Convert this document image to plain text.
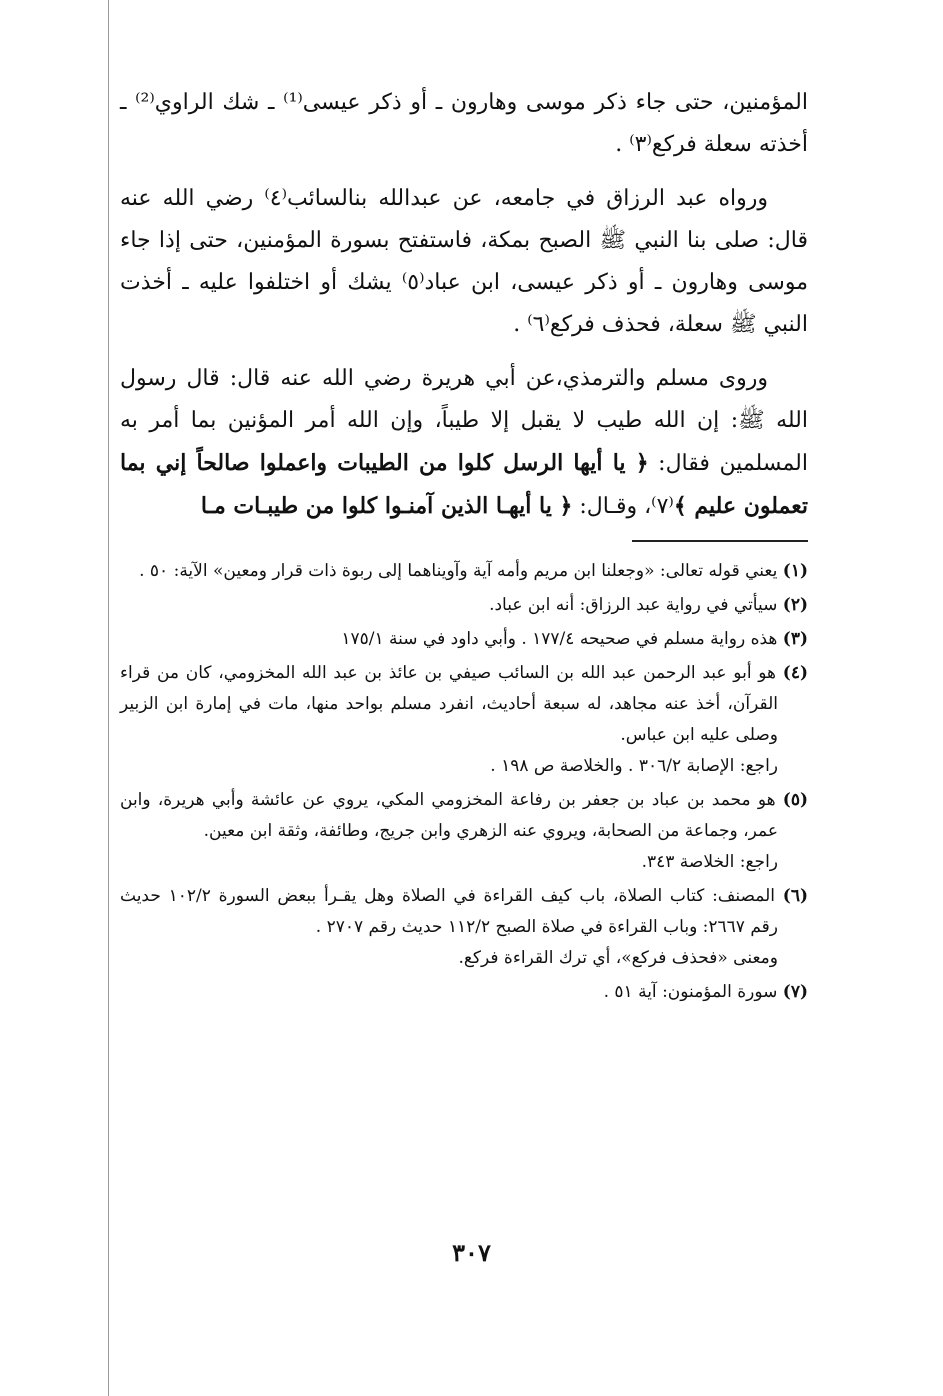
المؤمنين، حتى جاء ذكر موسى وهارون ـ أو ذكر عيسى⁽¹⁾ ـ شك الراوي⁽²⁾ ـ أخذته سعلة فركع⁽٣⁾ .

ورواه عبد الرزاق في جامعه، عن عبدالله بنالسائب⁽٤⁾ رضي الله عنه قال: صلى بنا النبي ﷺ الصبح بمكة، فاستفتح بسورة المؤمنين، حتى إذا جاء موسى وهارون ـ أو ذكر عيسى، ابن عباد⁽٥⁾ يشك أو اختلفوا عليه ـ أخذت النبي ﷺ سعلة، فحذف فركع⁽٦⁾ .

وروى مسلم والترمذي،عن أبي هريرة رضي الله عنه قال: قال رسول الله ﷺ: إن الله طيب لا يقبل إلا طيباً، وإن الله أمر المؤنين بما أمر به المسلمين فقال: ﴿ يا أيها الرسل كلوا من الطيبات واعملوا صالحاً إني بما تعملون عليم ﴾⁽٧⁾، وقـال: ﴿ يا أيهـا الذين آمنـوا كلوا من طيبـات مـا

(١) يعني قوله تعالى: «وجعلنا ابن مريم وأمه آية وآويناهما إلى ربوة ذات قرار ومعين» الآية: ٥٠ .
(٢) سيأتي في رواية عبد الرزاق: أنه ابن عباد.
(٣) هذه رواية مسلم في صحيحه ١٧٧/٤ . وأبي داود في سنة ١٧٥/١
(٤) هو أبو عبد الرحمن عبد الله بن السائب صيفي بن عائذ بن عبد الله المخزومي، كان من قراء القرآن، أخذ عنه مجاهد، له سبعة أحاديث، انفرد مسلم بواحد منها، مات في إمارة ابن الزبير وصلى عليه ابن عباس.
راجع: الإصابة ٣٠٦/٢ . والخلاصة ص ١٩٨ .
(٥) هو محمد بن عباد بن جعفر بن رفاعة المخزومي المكي، يروي عن عائشة وأبي هريرة، وابن عمر، وجماعة من الصحابة، ويروي عنه الزهري وابن جريج، وطائفة، وثقة ابن معين.
راجع: الخلاصة ٣٤٣.
(٦) المصنف: كتاب الصلاة، باب كيف القراءة في الصلاة وهل يقـرأ ببعض السورة ١٠٢/٢ حديث رقم ٢٦٦٧: وباب القراءة في صلاة الصبح ١١٢/٢ حديث رقم ٢٧٠٧ .
ومعنى «فحذف فركع»، أي ترك القراءة فركع.
(٧) سورة المؤمنون: آية ٥١ .
٣٠٧
